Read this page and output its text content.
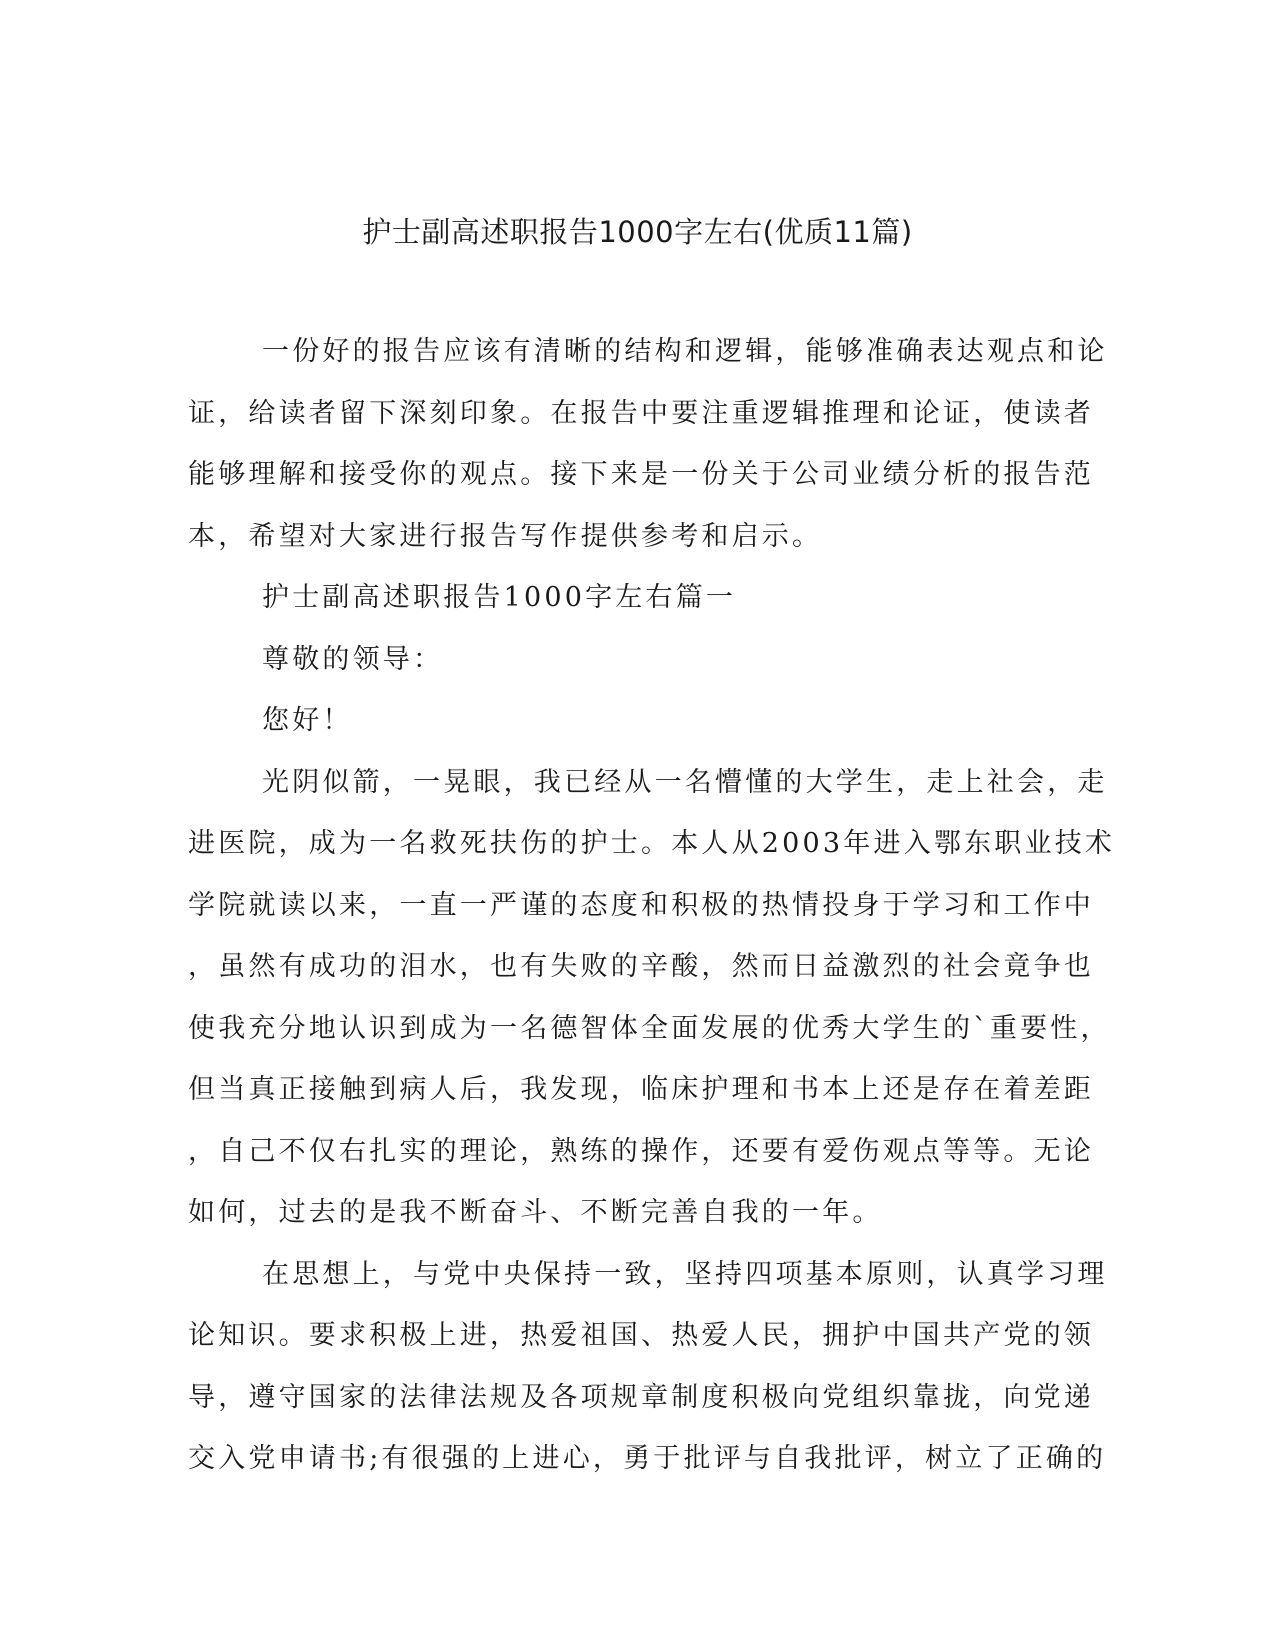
护士副高述职报告1000字左右(优质11篇)
一份好的报告应该有清晰的结构和逻辑，能够准确表达观点和论
证，给读者留下深刻印象。在报告中要注重逻辑推理和论证，使读者
能够理解和接受你的观点。接下来是一份关于公司业绩分析的报告范
本，希望对大家进行报告写作提供参考和启示。
护士副高述职报告1000字左右篇一
尊敬的领导：
您好！
光阴似箭，一晃眼，我已经从一名懵懂的大学生，走上社会，走
进医院，成为一名救死扶伤的护士。本人从2003年进入鄂东职业技术
学院就读以来，一直一严谨的态度和积极的热情投身于学习和工作中
，虽然有成功的泪水，也有失败的辛酸，然而日益激烈的社会竟争也
使我充分地认识到成为一名德智体全面发展的优秀大学生的`重要性，
但当真正接触到病人后，我发现，临床护理和书本上还是存在着差距
，自己不仅右扎实的理论，熟练的操作，还要有爱伤观点等等。无论
如何，过去的是我不断奋斗、不断完善自我的一年。
在思想上，与党中央保持一致，坚持四项基本原则，认真学习理
论知识。要求积极上进，热爱祖国、热爱人民，拥护中国共产党的领
导，遵守国家的法律法规及各项规章制度积极向党组织靠拢，向党递
交入党申请书;有很强的上进心，勇于批评与自我批评，树立了正确的
